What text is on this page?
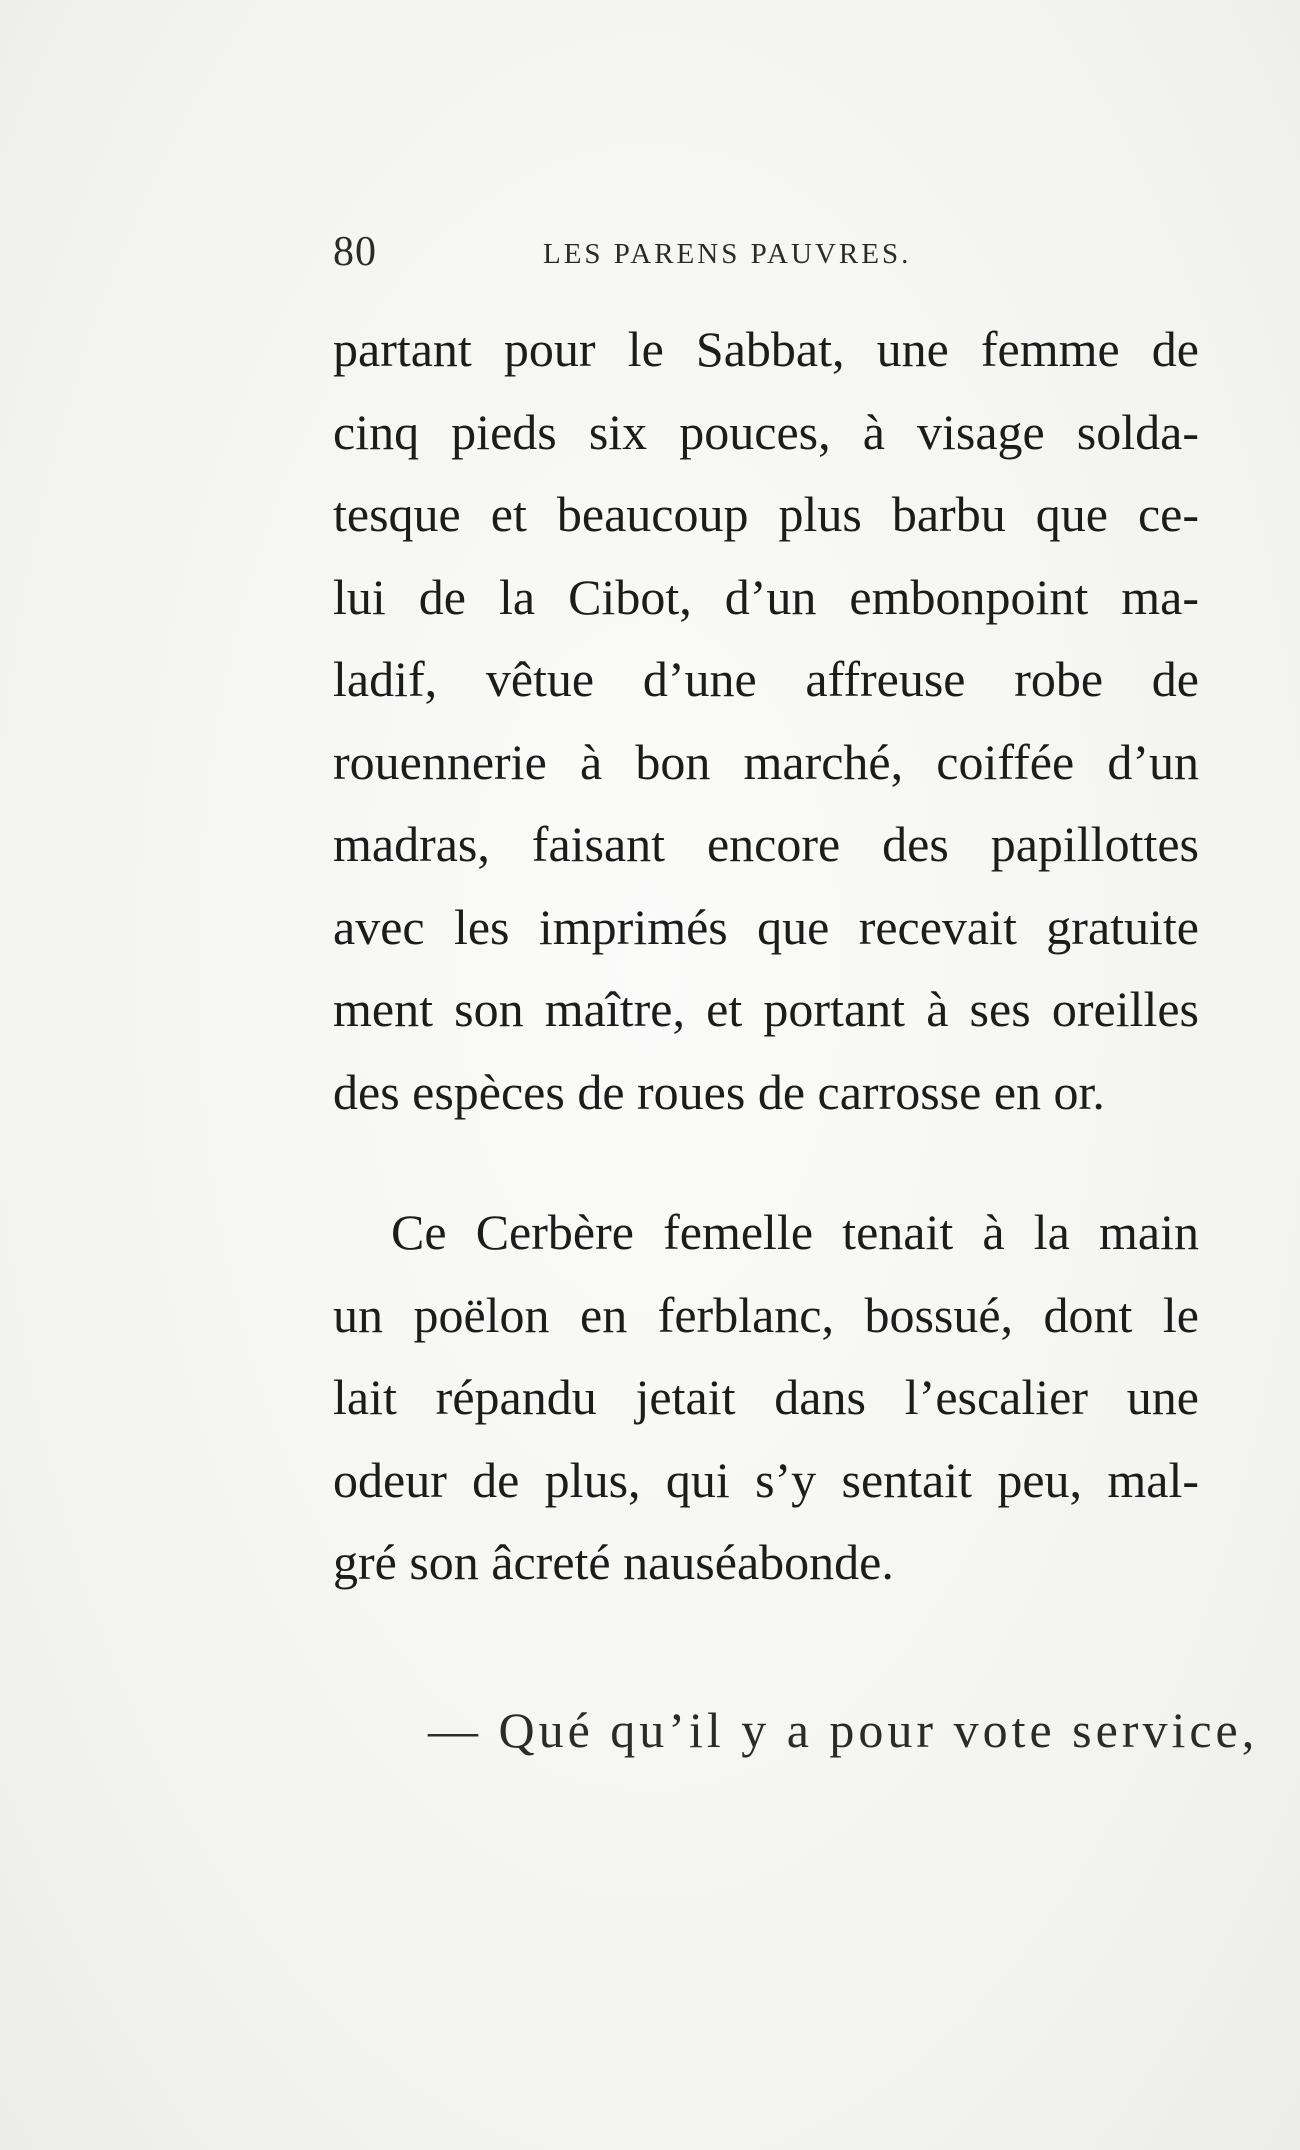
80	LES PARENS PAUVRES.
partant pour le Sabbat, une femme de
cinq pieds six pouces, à visage solda-
tesque et beaucoup plus barbu que ce-
lui de la Cibot, d’un embonpoint ma-
ladif, vêtue d’une affreuse robe de
rouennerie à bon marché, coiffée d’un
madras, faisant encore des papillottes
avec les imprimés que recevait gratuite
ment son maître, et portant à ses oreilles
des espèces de roues de carrosse en or.
Ce Cerbère femelle tenait à la main
un poëlon en ferblanc, bossué, dont le
lait répandu jetait dans l’escalier une
odeur de plus, qui s’y sentait peu, mal-
gré son âcreté nauséabonde.
— Qué qu’il y a pour vote service,
